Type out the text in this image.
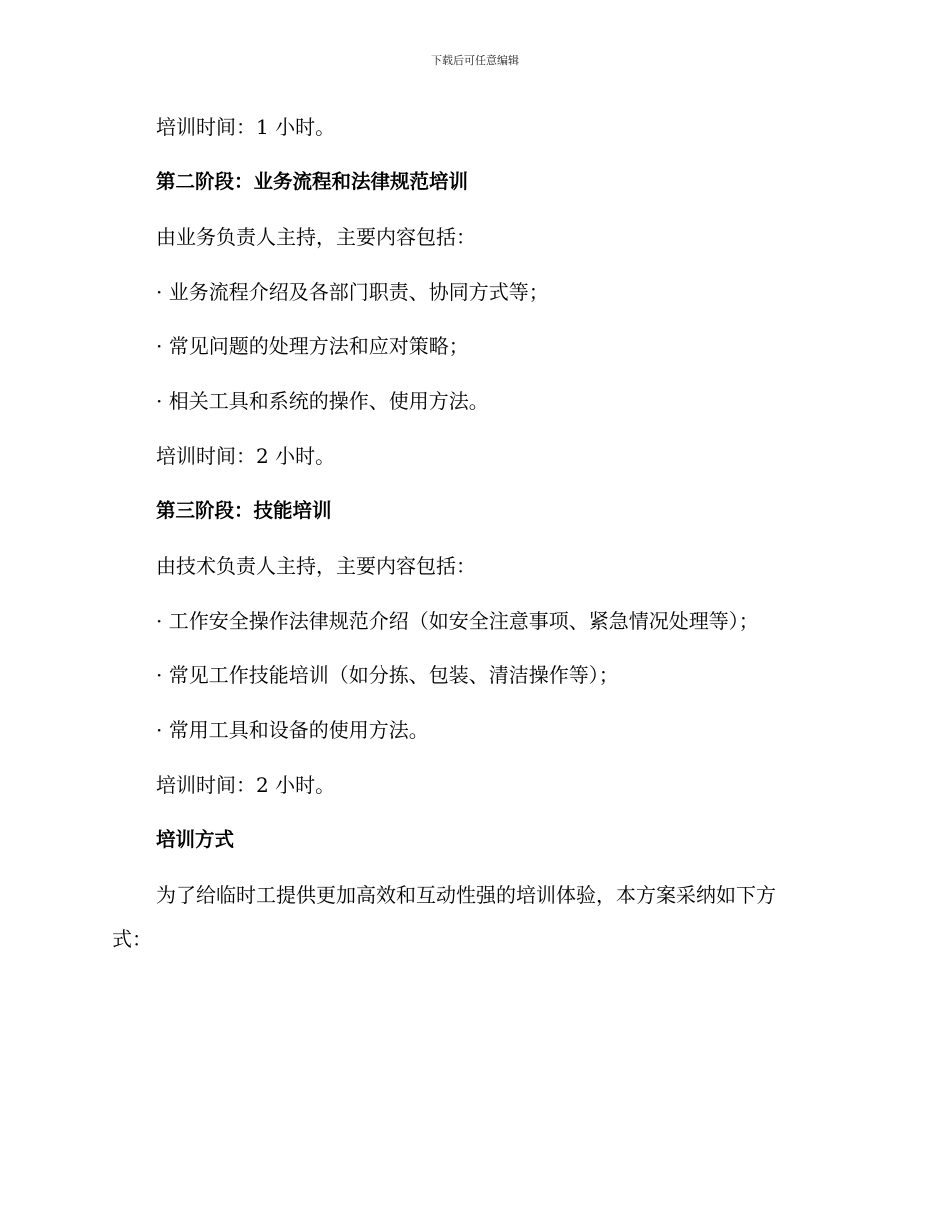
下载后可任意编辑
培训时间：1 小时。
第二阶段：业务流程和法律规范培训
由业务负责人主持，主要内容包括：
· 业务流程介绍及各部门职责、协同方式等；
· 常见问题的处理方法和应对策略；
· 相关工具和系统的操作、使用方法。
培训时间：2 小时。
第三阶段：技能培训
由技术负责人主持，主要内容包括：
· 工作安全操作法律规范介绍（如安全注意事项、紧急情况处理等）；
· 常见工作技能培训（如分拣、包装、清洁操作等）；
· 常用工具和设备的使用方法。
培训时间：2 小时。
培训方式
为了给临时工提供更加高效和互动性强的培训体验，本方案采纳如下方
式：
